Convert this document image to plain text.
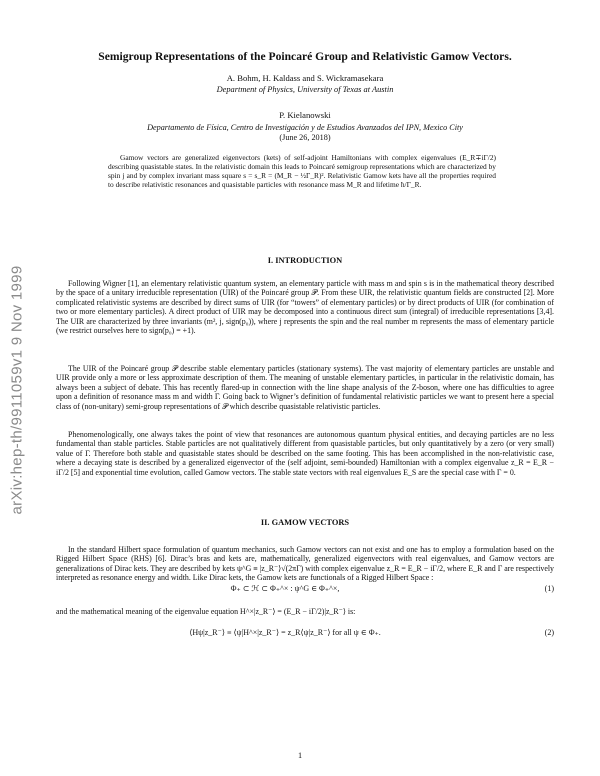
arXiv:hep-th/9911059v1 9 Nov 1999
Semigroup Representations of the Poincaré Group and Relativistic Gamow Vectors.
A. Bohm, H. Kaldass and S. Wickramasekara
Department of Physics, University of Texas at Austin
P. Kielanowski
Departamento de Física, Centro de Investigación y de Estudios Avanzados del IPN, Mexico City
(June 26, 2018)
Gamow vectors are generalized eigenvectors (kets) of self-adjoint Hamiltonians with complex eigenvalues (E_R∓iΓ/2) describing quasistable states. In the relativistic domain this leads to Poincaré semigroup representations which are characterized by spin j and by complex invariant mass square s = s_R = (M_R − ½Γ_R)². Relativistic Gamow kets have all the properties required to describe relativistic resonances and quasistable particles with resonance mass M_R and lifetime ħ/Γ_R.
I. INTRODUCTION

Following Wigner [1], an elementary relativistic quantum system, an elementary particle with mass m and spin s is in the mathematical theory described by the space of a unitary irreducible representation (UIR) of the Poincaré group 𝒫. From these UIR, the relativistic quantum fields are constructed [2]. More complicated relativistic systems are described by direct sums of UIR (for “towers” of elementary particles) or by direct products of UIR (for combination of two or more elementary particles). A direct product of UIR may be decomposed into a continuous direct sum (integral) of irreducible representations [3,4]. The UIR are characterized by three invariants (m², j, sign(p₀)), where j represents the spin and the real number m represents the mass of elementary particle (we restrict ourselves here to sign(p₀) = +1).

The UIR of the Poincaré group 𝒫 describe stable elementary particles (stationary systems). The vast majority of elementary particles are unstable and UIR provide only a more or less approximate description of them. The meaning of unstable elementary particles, in particular in the relativistic domain, has always been a subject of debate. This has recently flared-up in connection with the line shape analysis of the Z-boson, where one has difficulties to agree upon a definition of resonance mass m and width Γ. Going back to Wigner’s definition of fundamental relativistic particles we want to present here a special class of (non-unitary) semi-group representations of 𝒫 which describe quasistable relativistic particles.

Phenomenologically, one always takes the point of view that resonances are autonomous quantum physical entities, and decaying particles are no less fundamental than stable particles. Stable particles are not qualitatively different from quasistable particles, but only quantitatively by a zero (or very small) value of Γ. Therefore both stable and quasistable states should be described on the same footing. This has been accomplished in the non-relativistic case, where a decaying state is described by a generalized eigenvector of the (self adjoint, semi-bounded) Hamiltonian with a complex eigenvalue z_R = E_R − iΓ/2 [5] and exponential time evolution, called Gamow vectors. The stable state vectors with real eigenvalues E_S are the special case with Γ = 0.

II. GAMOW VECTORS

In the standard Hilbert space formulation of quantum mechanics, such Gamow vectors can not exist and one has to employ a formulation based on the Rigged Hilbert Space (RHS) [6]. Dirac’s bras and kets are, mathematically, generalized eigenvectors with real eigenvalues, and Gamow vectors are generalizations of Dirac kets. They are described by kets ψ^G ≡ |z_R⁻⟩√(2πΓ) with complex eigenvalue z_R = E_R − iΓ/2, where E_R and Γ are respectively interpreted as resonance energy and width. Like Dirac kets, the Gamow kets are functionals of a Rigged Hilbert Space :

Φ₊ ⊂ ℋ ⊂ Φ₊^× : ψ^G ∈ Φ₊^×,	(1)

and the mathematical meaning of the eigenvalue equation H^×|z_R⁻⟩ = (E_R − iΓ/2)|z_R⁻⟩ is:

⟨Hψ|z_R⁻⟩ ≡ ⟨ψ|H^×|z_R⁻⟩ = z_R⟨ψ|z_R⁻⟩ for all ψ ∈ Φ₊.	(2)
1
